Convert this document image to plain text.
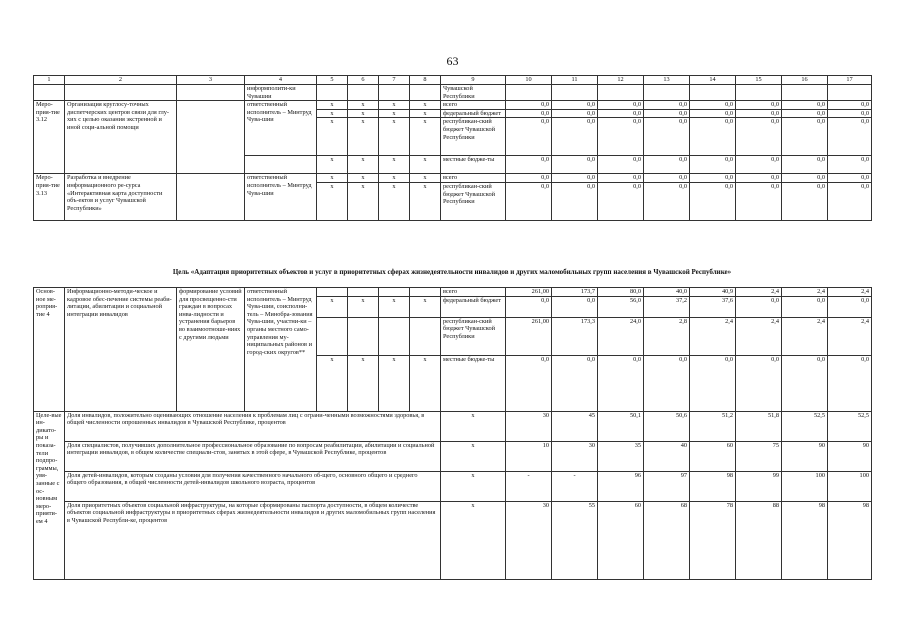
63
1	2	3	4	5	6	7	8	9	10	11	12	13	14	15	16	17
			информполити-ки Чувашии					Чувашской Республики								
Меро-прия-тие 3.12	Организация круглосу-точных диспетчерских центров связи для глу-хих с целью оказания экстренной и иной соци-альной помощи		ответственный исполнитель – Минтруд Чува-шии	х	х	х	х	всего	0,0	0,0	0,0	0,0	0,0	0,0	0,0	0,0
				х	х	х	х	федеральный бюджет	0,0	0,0	0,0	0,0	0,0	0,0	0,0	0,0
				х	х	х	х	республикан-ский бюджет Чувашской Республики	0,0	0,0	0,0	0,0	0,0	0,0	0,0	0,0
				х	х	х	х	местные бюдже-ты	0,0	0,0	0,0	0,0	0,0	0,0	0,0	0,0
Меро-прия-тие 3.13	Разработка и внедрение информационного ре-сурса «Интерактивная карта доступности объ-ектов и услуг Чувашской Республики»		ответственный исполнитель – Минтруд Чува-шии	х	х	х	х	всего	0,0	0,0	0,0	0,0	0,0	0,0	0,0	0,0
				х	х	х	х	республикан-ский бюджет Чувашской Республики	0,0	0,0	0,0	0,0	0,0	0,0	0,0	0,0
Цель «Адаптация приоритетных объектов и услуг в приоритетных сферах жизнедеятельности инвалидов и других маломобильных групп населения в Чувашской Республике»
Основ-ное ме-роприя-тие 4	Информационно-методи-ческое и кадровое обес-печение системы реаби-литации, абилитации и социальной интеграции инвалидов	формирование условий для просвещенно-сти граждан в вопросах инва-лидности и устранения барьеров во взаимоотноше-ниях с другими людьми	ответственный исполнитель – Минтруд Чува-шии, соисполни-тель – Минобра-зования Чува-шии, участни-ки – органы местного само-управления му-ниципальных районов и город-ских округов**					всего	261,00	173,7	80,0	40,0	40,9	2,4	2,4	2,4
				х	х	х	х	федеральный бюджет	0,0	0,0	56,0	37,2	37,6	0,0	0,0	0,0
								республикан-ский бюджет Чувашской Республики	261,00	173,3	24,0	2,8	2,4	2,4	2,4	2,4
				х	х	х	х	местные бюдже-ты	0,0	0,0	0,0	0,0	0,0	0,0	0,0	0,0
Целе-вые ин-дикато-ры и показа-тели подпро-граммы, увя-занные с ос-новным меро-прияти-ем 4	Доля инвалидов, положительно оценивающих отношение населения к проблемам лиц с ограни-ченными возможностями здоровья, в общей численности опрошенных инвалидов в Чувашской Республике, процентов							х	30	45	50,1	50,6	51,2	51,8	52,5	52,5
	Доля специалистов, получивших дополнительное профессиональное образование по вопросам реабилитации, абилитации и социальной интеграции инвалидов, в общем количестве специали-стов, занятых в этой сфере, в Чувашской Республике, процентов							х	10	30	35	40	60	75	90	90
	Доля детей-инвалидов, которым созданы условия для получения качественного начального об-щего, основного общего и среднего общего образования, в общей численности детей-инвалидов школьного возраста, процентов							х	-	-	96	97	98	99	100	100
	Доля приоритетных объектов социальной инфраструктуры, на которые сформированы паспорта доступности, в общем количестве объектов социальной инфраструктуры в приоритетных сферах жизнедеятельности инвалидов и других маломобильных групп населения в Чувашской Республи-ке, процентов							х	30	55	60	68	78	88	98	98
